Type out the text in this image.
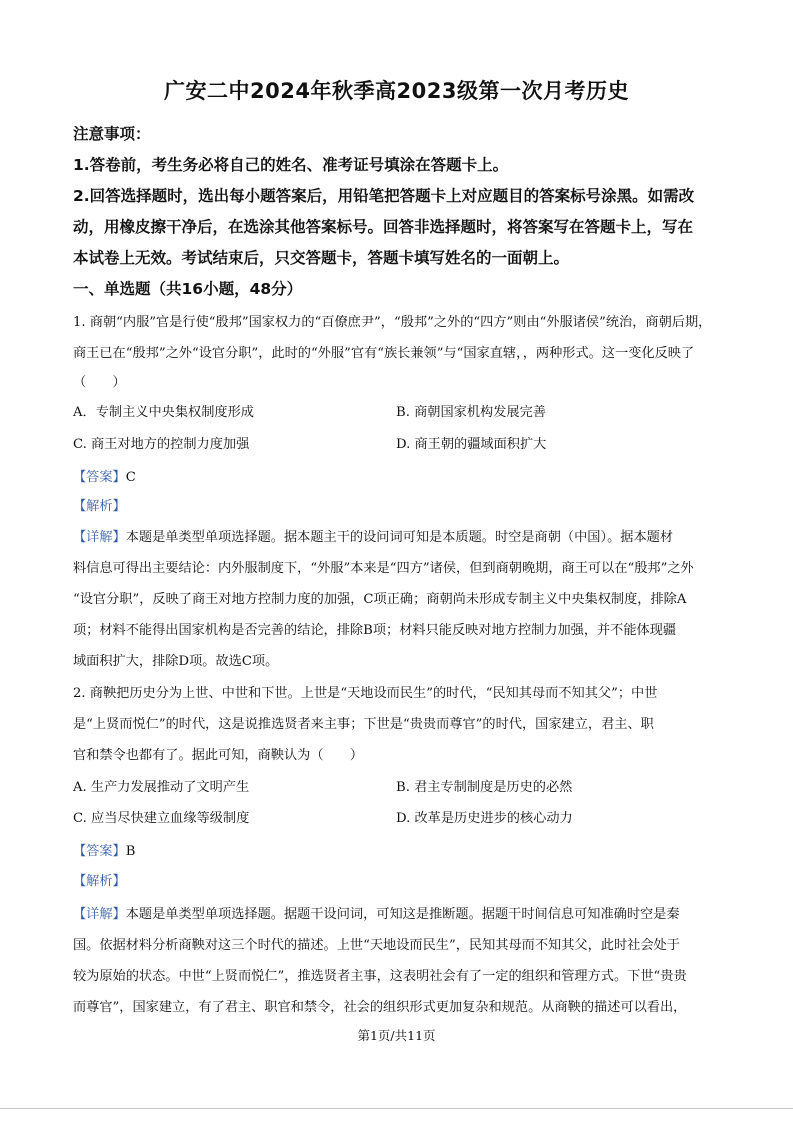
广安二中2024年秋季高2023级第一次月考历史
注意事项：
1.答卷前，考生务必将自己的姓名、准考证号填涂在答题卡上。
2.回答选择题时，选出每小题答案后，用铅笔把答题卡上对应题目的答案标号涂黑。如需改
动，用橡皮擦干净后，在选涂其他答案标号。回答非选择题时，将答案写在答题卡上，写在
本试卷上无效。考试结束后，只交答题卡，答题卡填写姓名的一面朝上。
一、单选题（共16小题，48分）
1. 商朝“内服”官是行使“殷邦”国家权力的“百僚庶尹”，“殷邦”之外的“四方”则由“外服诸侯”统治，商朝后期，
商王已在“殷邦”之外“设官分职”，此时的“外服”官有“族长兼领”与“国家直辖，，两种形式。这一变化反映了
（　　）
A．专制主义中央集权制度形成	B. 商朝国家机构发展完善
C. 商王对地方的控制力度加强	D. 商王朝的疆域面积扩大
【答案】C
【解析】
【详解】本题是单类型单项选择题。据本题主干的设问词可知是本质题。时空是商朝（中国）。据本题材
料信息可得出主要结论：内外服制度下，“外服”本来是“四方”诸侯，但到商朝晚期，商王可以在“殷邦”之外
“设官分职”，反映了商王对地方控制力度的加强，C项正确；商朝尚未形成专制主义中央集权制度，排除A
项；材料不能得出国家机构是否完善的结论，排除B项；材料只能反映对地方控制力加强，并不能体现疆
域面积扩大，排除D项。故选C项。
2. 商鞅把历史分为上世、中世和下世。上世是“天地设而民生”的时代，“民知其母而不知其父”；中世
是“上贤而悦仁”的时代，这是说推选贤者来主事；下世是“贵贵而尊官”的时代，国家建立，君主、职
官和禁令也都有了。据此可知，商鞅认为（　　）
A. 生产力发展推动了文明产生	B. 君主专制制度是历史的必然
C. 应当尽快建立血缘等级制度	D. 改革是历史进步的核心动力
【答案】B
【解析】
【详解】本题是单类型单项选择题。据题干设问词，可知这是推断题。据题干时间信息可知准确时空是秦
国。依据材料分析商鞅对这三个时代的描述。上世“天地设而民生”，民知其母而不知其父，此时社会处于
较为原始的状态。中世“上贤而悦仁”，推选贤者主事，这表明社会有了一定的组织和管理方式。下世“贵贵
而尊官”，国家建立，有了君主、职官和禁令，社会的组织形式更加复杂和规范。从商鞅的描述可以看出，
第1页/共11页
